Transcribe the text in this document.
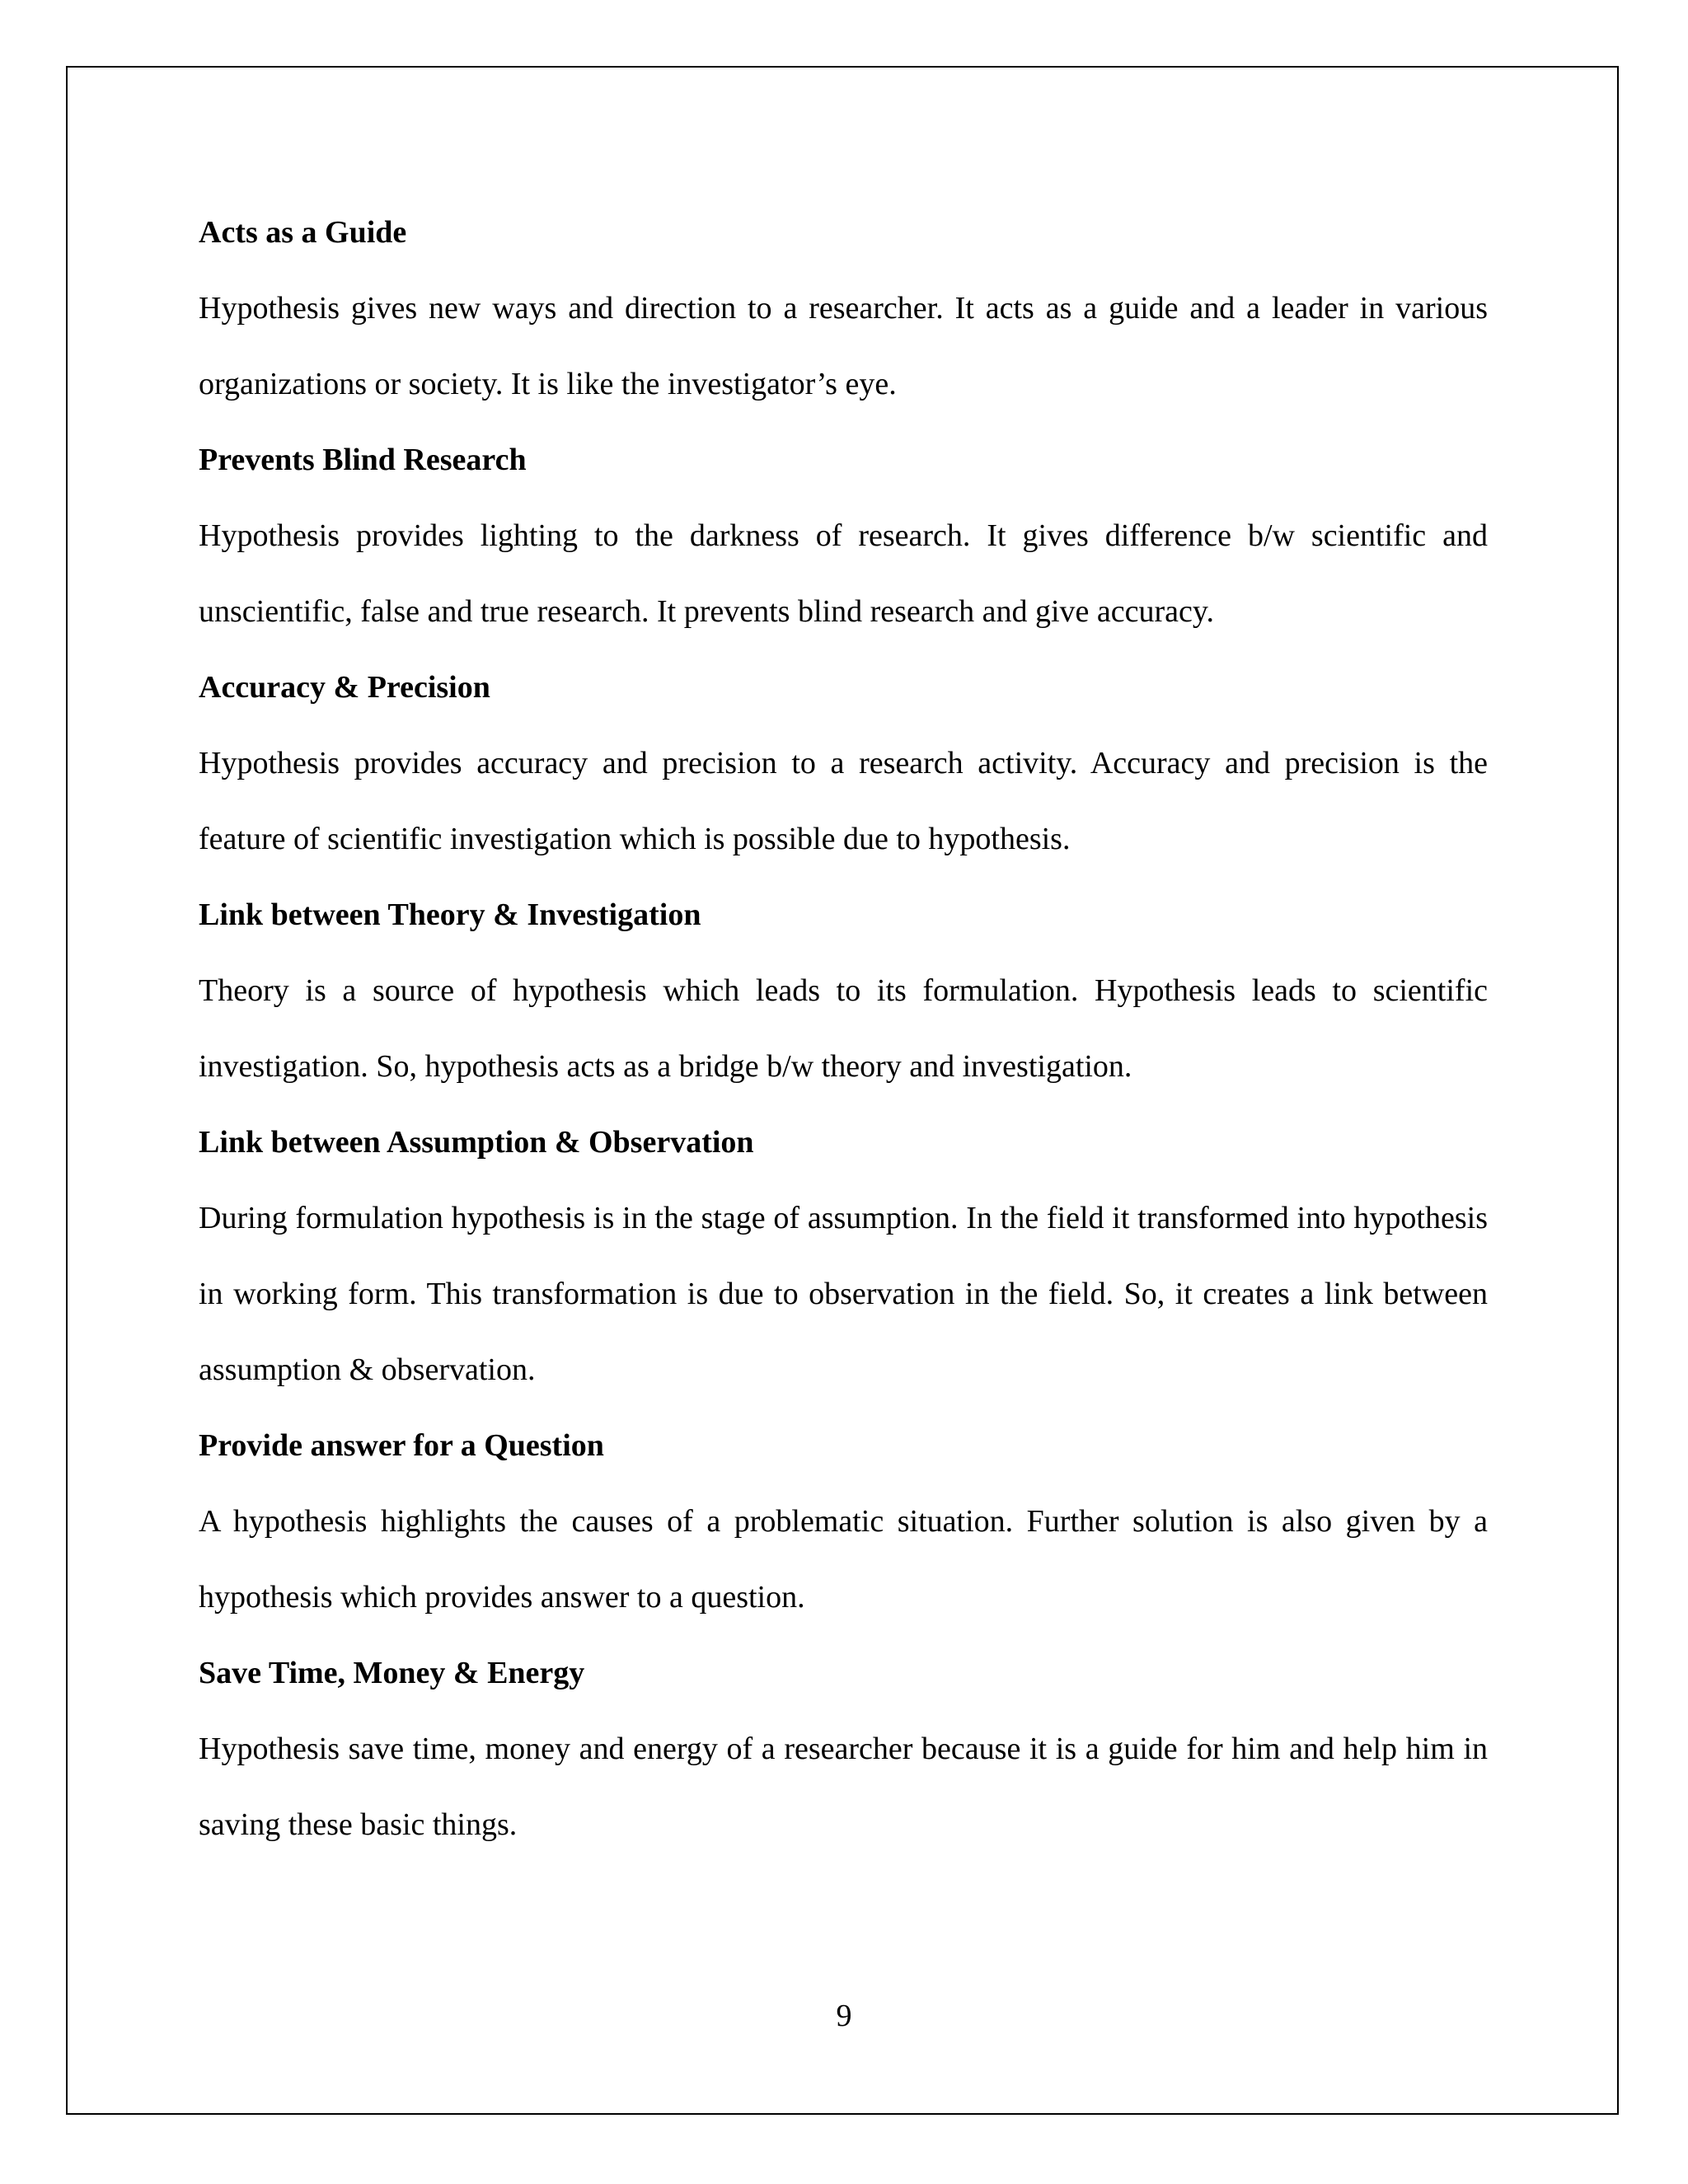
Acts as a Guide

Hypothesis gives new ways and direction to a researcher. It acts as a guide and a leader in various organizations or society. It is like the investigator’s eye.

Prevents Blind Research

Hypothesis provides lighting to the darkness of research. It gives difference b/w scientific and unscientific, false and true research. It prevents blind research and give accuracy.

Accuracy & Precision

Hypothesis provides accuracy and precision to a research activity. Accuracy and precision is the feature of scientific investigation which is possible due to hypothesis.

Link between Theory & Investigation

Theory is a source of hypothesis which leads to its formulation. Hypothesis leads to scientific investigation. So, hypothesis acts as a bridge b/w theory and investigation.

Link between Assumption & Observation

During formulation hypothesis is in the stage of assumption. In the field it transformed into hypothesis in working form. This transformation is due to observation in the field. So, it creates a link between assumption & observation.

Provide answer for a Question

A hypothesis highlights the causes of a problematic situation. Further solution is also given by a hypothesis which provides answer to a question.

Save Time, Money & Energy

Hypothesis save time, money and energy of a researcher because it is a guide for him and help him in saving these basic things.

9
